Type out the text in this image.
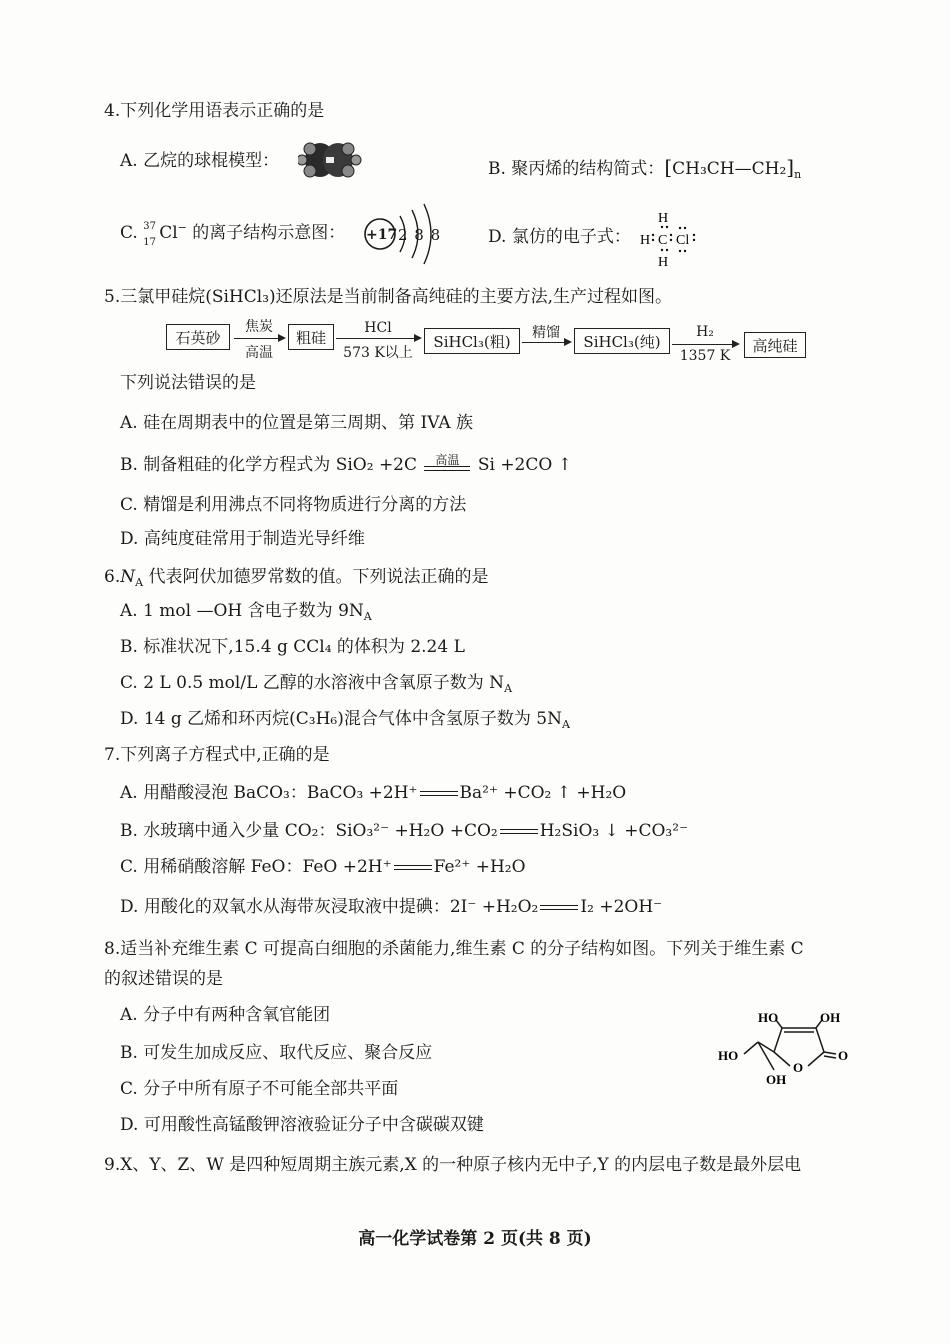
4.下列化学用语表示正确的是
A. 乙烷的球棍模型：	B. 聚丙烯的结构简式：$[CH_3CH—CH_2]_n$
C. 37
17 Cl− 的离子结构示意图： +17 2 8 8	D. 氯仿的电子式：
H
H
H C Cl
5.三氯甲硅烷(SiHCl₃)还原法是当前制备高纯硅的主要方法,生产过程如图。
石英砂
焦炭
高温
粗硅
HCl
573 K以上
SiHCl₃(粗)	精馏	SiHCl₃(纯)
H₂
1357 K
高纯硅
下列说法错误的是
A. 硅在周期表中的位置是第三周期、第 IVA 族
B. 制备粗硅的化学方程式为 SiO₂ +2C	高温 Si +2CO ↑
C. 精馏是利用沸点不同将物质进行分离的方法
D. 高纯度硅常用于制造光导纤维
$6.N_A$ 代表阿伏加德罗常数的值。下列说法正确的是
A. 1 mol —OH 含电子数为 $9N_A$
B. 标准状况下,15.4 g CCl₄ 的体积为 2.24 L
C. 2 L 0.5 mol/L 乙醇的水溶液中含氧原子数为 $N_A$
D. 14 g 乙烯和环丙烷(C₃H₆)混合气体中含氢原子数为 $5N_A$
7.下列离子方程式中,正确的是
A. 用醋酸浸泡 BaCO₃：BaCO₃ +2H⁺ Ba²⁺ +CO₂ ↑ +H₂O
B. 水玻璃中通入少量 CO₂：SiO₃²⁻ +H₂O +CO₂ H₂SiO₃ ↓ +CO₃²⁻
C. 用稀硝酸溶解 FeO：FeO +2H⁺ Fe²⁺ +H₂O
D. 用酸化的双氧水从海带灰浸取液中提碘：2I⁻ +H₂O₂ I₂ +2OH⁻
8.适当补充维生素 C 可提高白细胞的杀菌能力,维生素 C 的分子结构如图。下列关于维生素 C
的叙述错误的是
A. 分子中有两种含氧官能团
B. 可发生加成反应、取代反应、聚合反应
C. 分子中所有原子不可能全部共平面
D. 可用酸性高锰酸钾溶液验证分子中含碳碳双键
HO	OH
HO
OH
O
O
9.X、Y、Z、W 是四种短周期主族元素,X 的一种原子核内无中子,Y 的内层电子数是最外层电
高一化学试卷第 2 页(共 8 页)
